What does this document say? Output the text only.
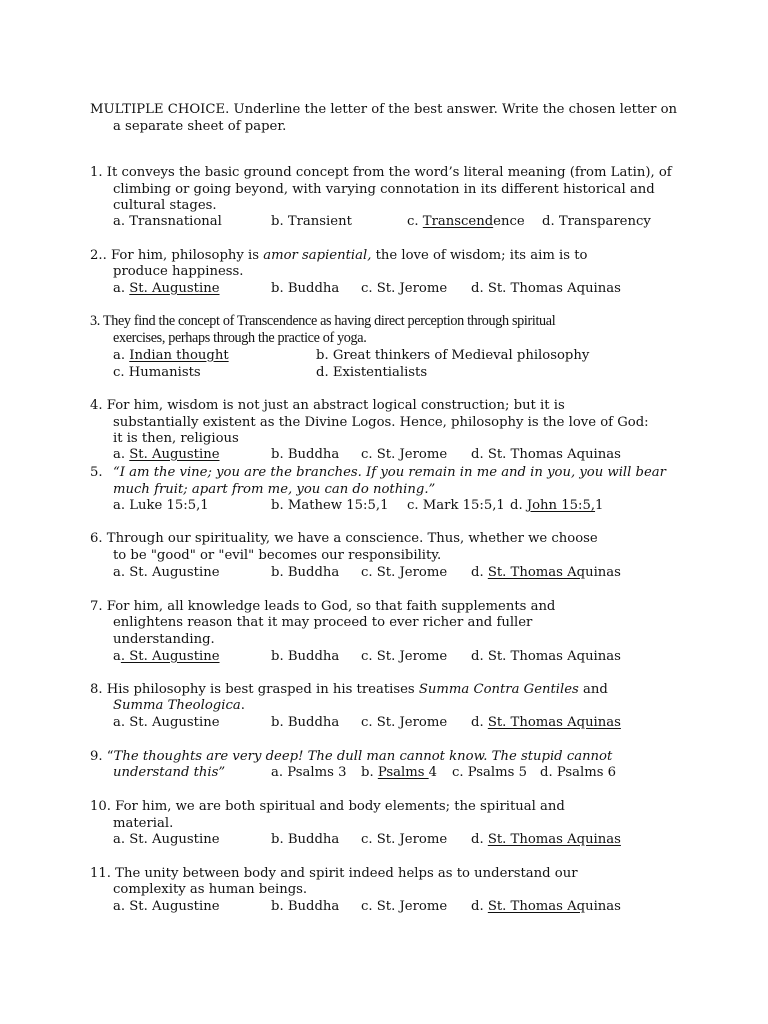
MULTIPLE CHOICE. Underline the letter of the best answer. Write the chosen letter on
a separate sheet of paper.
1. It conveys the basic ground concept from the word’s literal meaning (from Latin), of
climbing or going beyond, with varying connotation in its different historical and
cultural stages.
a. Transnational	b. Transient	c. Transcendence d. Transparency
2.. For him, philosophy is amor sapiential, the love of wisdom; its aim is to
produce happiness.
a. St. Augustine	b. Buddha c. St. Jerome d. St. Thomas Aquinas
3. They find the concept of Transcendence as having direct perception through spiritual
exercises, perhaps through the practice of yoga.
a. Indian thought	b. Great thinkers of Medieval philosophy
c. Humanists	d. Existentialists
4. For him, wisdom is not just an abstract logical construction; but it is
substantially existent as the Divine Logos. Hence, philosophy is the love of God:
it is then, religious
a. St. Augustine	b. Buddha c. St. Jerome d. St. Thomas Aquinas
5. “I am the vine; you are the branches. If you remain in me and in you, you will bear
much fruit; apart from me, you can do nothing.”
a. Luke 15:5,1	b. Mathew 15:5,1 c. Mark 15:5,1 d. John 15:5,1
6. Through our spirituality, we have a conscience. Thus, whether we choose
to be "good" or "evil" becomes our responsibility.
a. St. Augustine	b. Buddha c. St. Jerome d. St. Thomas Aquinas
7. For him, all knowledge leads to God, so that faith supplements and
enlightens reason that it may proceed to ever richer and fuller
understanding.
a. St. Augustine	b. Buddha c. St. Jerome d. St. Thomas Aquinas
8. His philosophy is best grasped in his treatises Summa Contra Gentiles and
Summa Theologica.
a. St. Augustine	b. Buddha c. St. Jerome d. St. Thomas Aquinas
9. “The thoughts are very deep! The dull man cannot know. The stupid cannot
understand this”	a. Psalms 3 b. Psalms 4 c. Psalms 5 d. Psalms 6
10. For him, we are both spiritual and body elements; the spiritual and
material.
a. St. Augustine	b. Buddha c. St. Jerome d. St. Thomas Aquinas
11. The unity between body and spirit indeed helps as to understand our
complexity as human beings.
a. St. Augustine	b. Buddha c. St. Jerome d. St. Thomas Aquinas
